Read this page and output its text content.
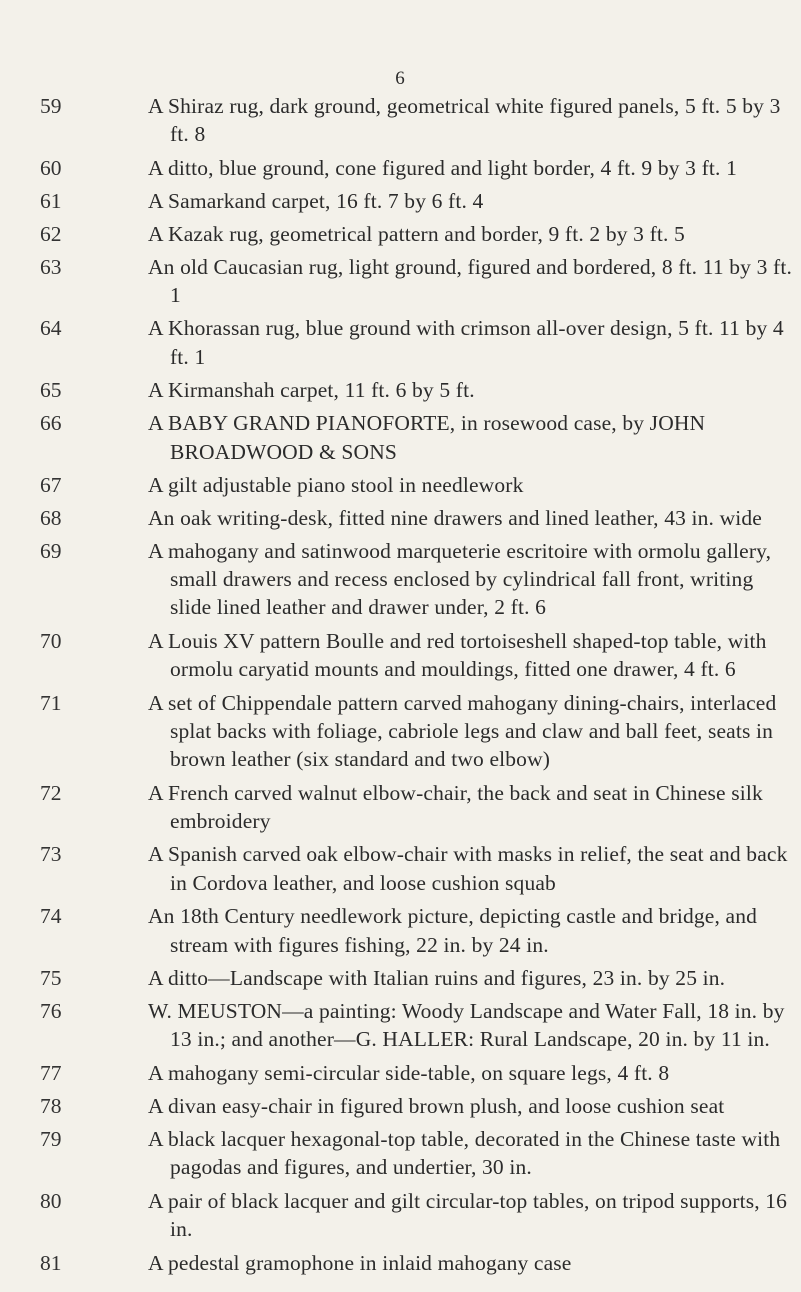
6
59	A Shiraz rug, dark ground, geometrical white figured panels, 5 ft. 5 by 3 ft. 8

60	A ditto, blue ground, cone figured and light border, 4 ft. 9 by 3 ft. 1

61	A Samarkand carpet, 16 ft. 7 by 6 ft. 4

62	A Kazak rug, geometrical pattern and border, 9 ft. 2 by 3 ft. 5

63	An old Caucasian rug, light ground, figured and bordered, 8 ft. 11 by 3 ft. 1

64	A Khorassan rug, blue ground with crimson all-over design, 5 ft. 11 by 4 ft. 1

65	A Kirmanshah carpet, 11 ft. 6 by 5 ft.

66	A BABY GRAND PIANOFORTE, in rosewood case, by JOHN BROADWOOD & SONS

67	A gilt adjustable piano stool in needlework

68	An oak writing-desk, fitted nine drawers and lined leather, 43 in. wide

69	A mahogany and satinwood marqueterie escritoire with ormolu gallery, small drawers and recess enclosed by cylindrical fall front, writing slide lined leather and drawer under, 2 ft. 6

70	A Louis XV pattern Boulle and red tortoiseshell shaped-top table, with ormolu caryatid mounts and mouldings, fitted one drawer, 4 ft. 6

71	A set of Chippendale pattern carved mahogany dining-chairs, interlaced splat backs with foliage, cabriole legs and claw and ball feet, seats in brown leather (six standard and two elbow)

72	A French carved walnut elbow-chair, the back and seat in Chinese silk embroidery

73	A Spanish carved oak elbow-chair with masks in relief, the seat and back in Cordova leather, and loose cushion squab

74	An 18th Century needlework picture, depicting castle and bridge, and stream with figures fishing, 22 in. by 24 in.

75	A ditto—Landscape with Italian ruins and figures, 23 in. by 25 in.

76	W. MEUSTON—a painting: Woody Landscape and Water Fall, 18 in. by 13 in.; and another—G. HALLER: Rural Landscape, 20 in. by 11 in.

77	A mahogany semi-circular side-table, on square legs, 4 ft. 8

78	A divan easy-chair in figured brown plush, and loose cushion seat

79	A black lacquer hexagonal-top table, decorated in the Chinese taste with pagodas and figures, and undertier, 30 in.

80	A pair of black lacquer and gilt circular-top tables, on tripod supports, 16 in.

81	A pedestal gramophone in inlaid mahogany case
